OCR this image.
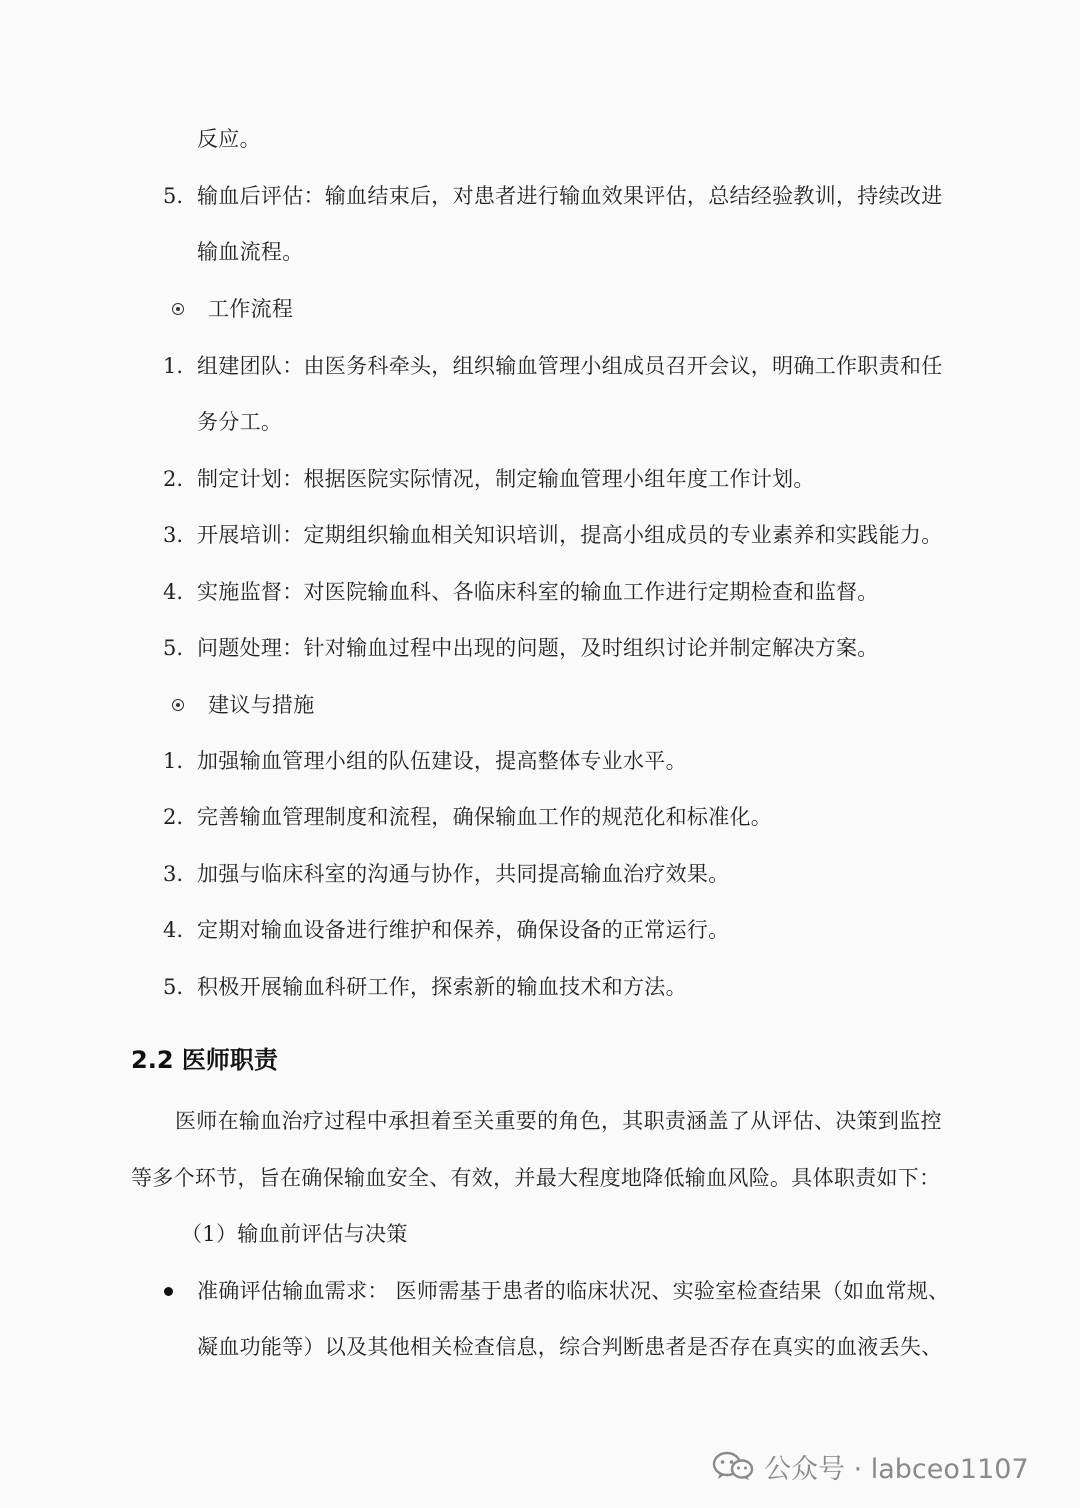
反应。
5. 输血后评估：输血结束后，对患者进行输血效果评估，总结经验教训，持续改进
输血流程。
工作流程
1. 组建团队：由医务科牵头，组织输血管理小组成员召开会议，明确工作职责和任
务分工。
2. 制定计划：根据医院实际情况，制定输血管理小组年度工作计划。
3. 开展培训：定期组织输血相关知识培训，提高小组成员的专业素养和实践能力。
4. 实施监督：对医院输血科、各临床科室的输血工作进行定期检查和监督。
5. 问题处理：针对输血过程中出现的问题，及时组织讨论并制定解决方案。
建议与措施
1. 加强输血管理小组的队伍建设，提高整体专业水平。
2. 完善输血管理制度和流程，确保输血工作的规范化和标准化。
3. 加强与临床科室的沟通与协作，共同提高输血治疗效果。
4. 定期对输血设备进行维护和保养，确保设备的正常运行。
5. 积极开展输血科研工作，探索新的输血技术和方法。
2.2 医师职责
医师在输血治疗过程中承担着至关重要的角色，其职责涵盖了从评估、决策到监控
等多个环节，旨在确保输血安全、有效，并最大程度地降低输血风险。具体职责如下：
（1）输血前评估与决策
准确评估输血需求： 医师需基于患者的临床状况、实验室检查结果（如血常规、
凝血功能等）以及其他相关检查信息，综合判断患者是否存在真实的血液丢失、
公众号 · labceo1107
